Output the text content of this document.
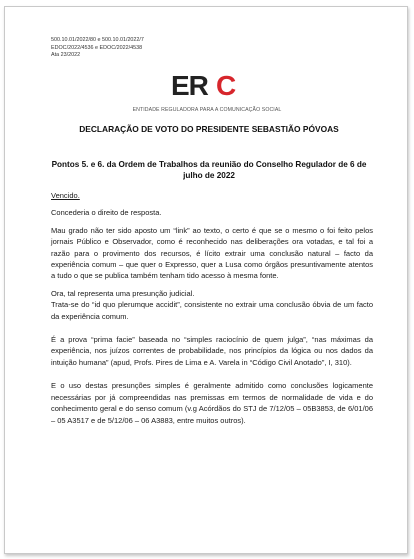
500.10.01/2022/80 e 500.10.01/2022/7
EDOC/2022/4536 e EDOC/2022/4538
Ata 23/2022
ER C
ENTIDADE REGULADORA PARA A COMUNICAÇÃO SOCIAL
DECLARAÇÃO DE VOTO DO PRESIDENTE SEBASTIÃO PÓVOAS
Pontos 5. e 6. da Ordem de Trabalhos da reunião do Conselho Regulador de 6 de julho de 2022

Vencido.

Concederia o direito de resposta.

Mau grado não ter sido aposto um “link” ao texto, o certo é que se o mesmo o foi feito pelos jornais Público e Observador, como é reconhecido nas deliberações ora votadas, e tal foi a razão para o provimento dos recursos, é lícito extrair uma conclusão natural – facto da experiência comum – que quer o Expresso, quer a Lusa como órgãos presuntivamente atentos a tudo o que se publica também tenham tido acesso à mesma fonte.

Ora, tal representa uma presunção judicial.

Trata-se do “id quo plerumque accidit”, consistente no extrair uma conclusão óbvia de um facto da experiência comum.

É a prova “prima facie” baseada no “simples raciocínio de quem julga”, “nas máximas da experiência, nos juízos correntes de probabilidade, nos princípios da lógica ou nos dados da intuição humana” (apud, Profs. Pires de Lima e A. Varela in “Código Civil Anotado”, I, 310).

E o uso destas presunções simples é geralmente admitido como conclusões logicamente necessárias por já compreendidas nas premissas em termos de normalidade de vida e do conhecimento geral e do senso comum (v.g Acórdãos do STJ de 7/12/05 – 05B3853, de 6/01/06 – 05 A3517 e de 5/12/06 – 06 A3883, entre muitos outros).
